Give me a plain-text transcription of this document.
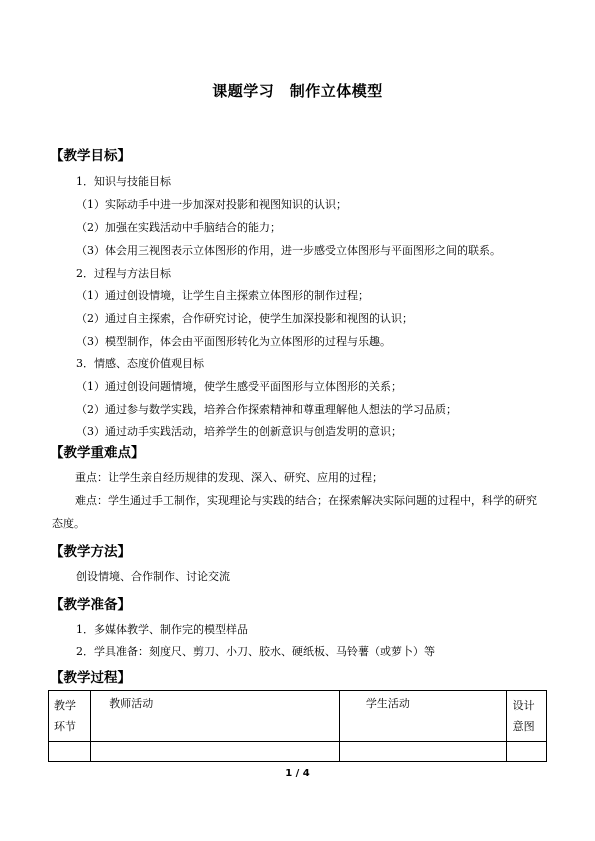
课题学习　制作立体模型
【教学目标】
1．知识与技能目标
（1）实际动手中进一步加深对投影和视图知识的认识；
（2）加强在实践活动中手脑结合的能力；
（3）体会用三视图表示立体图形的作用，进一步感受立体图形与平面图形之间的联系。
2．过程与方法目标
（1）通过创设情境，让学生自主探索立体图形的制作过程；
（2）通过自主探索，合作研究讨论，使学生加深投影和视图的认识；
（3）模型制作，体会由平面图形转化为立体图形的过程与乐趣。
3．情感、态度价值观目标
（1）通过创设问题情境，使学生感受平面图形与立体图形的关系；
（2）通过参与数学实践，培养合作探索精神和尊重理解他人想法的学习品质；
（3）通过动手实践活动，培养学生的创新意识与创造发明的意识；
【教学重难点】
重点：让学生亲自经历规律的发现、深入、研究、应用的过程；
难点：学生通过手工制作，实现理论与实践的结合；在探索解决实际问题的过程中，科学的研究态度。
【教学方法】
创设情境、合作制作、讨论交流
【教学准备】
1．多媒体教学、制作完的模型样品
2．学具准备：刻度尺、剪刀、小刀、胶水、硬纸板、马铃薯（或萝卜）等
【教学过程】
教学环节	教师活动	学生活动	设计意图

1 / 4
